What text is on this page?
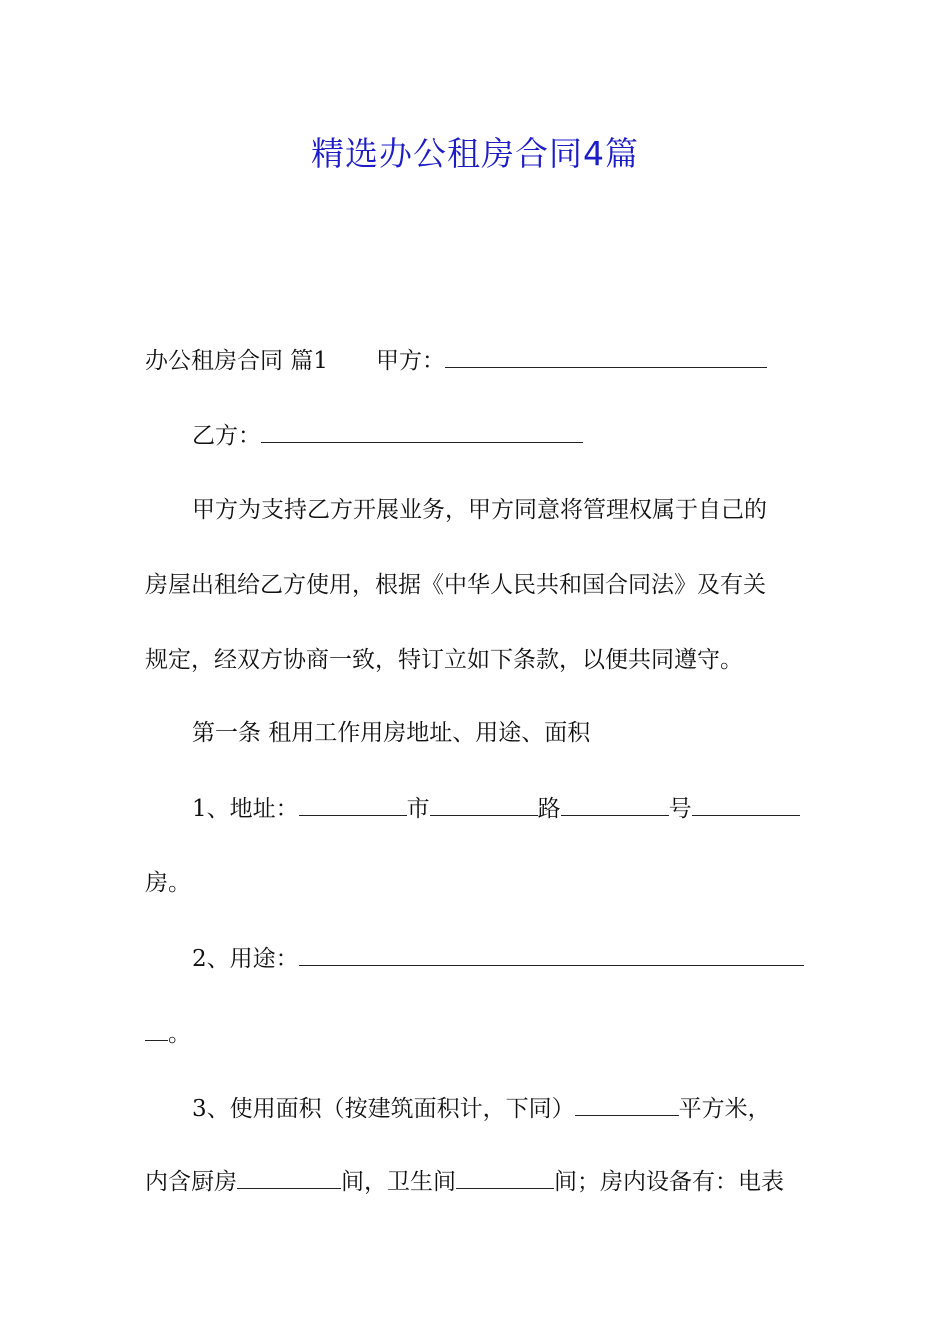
精选办公租房合同4篇
办公租房合同 篇1 甲方：
乙方：
甲方为支持乙方开展业务，甲方同意将管理权属于自己的
房屋出租给乙方使用，根据《中华人民共和国合同法》及有关
规定，经双方协商一致，特订立如下条款，以便共同遵守。
第一条 租用工作用房地址、用途、面积
1、地址：	市	路	号
房。
2、用途：
。
3、使用面积（按建筑面积计，下同）	平方米，
内含厨房	间，卫生间	间；房内设备有：电表
